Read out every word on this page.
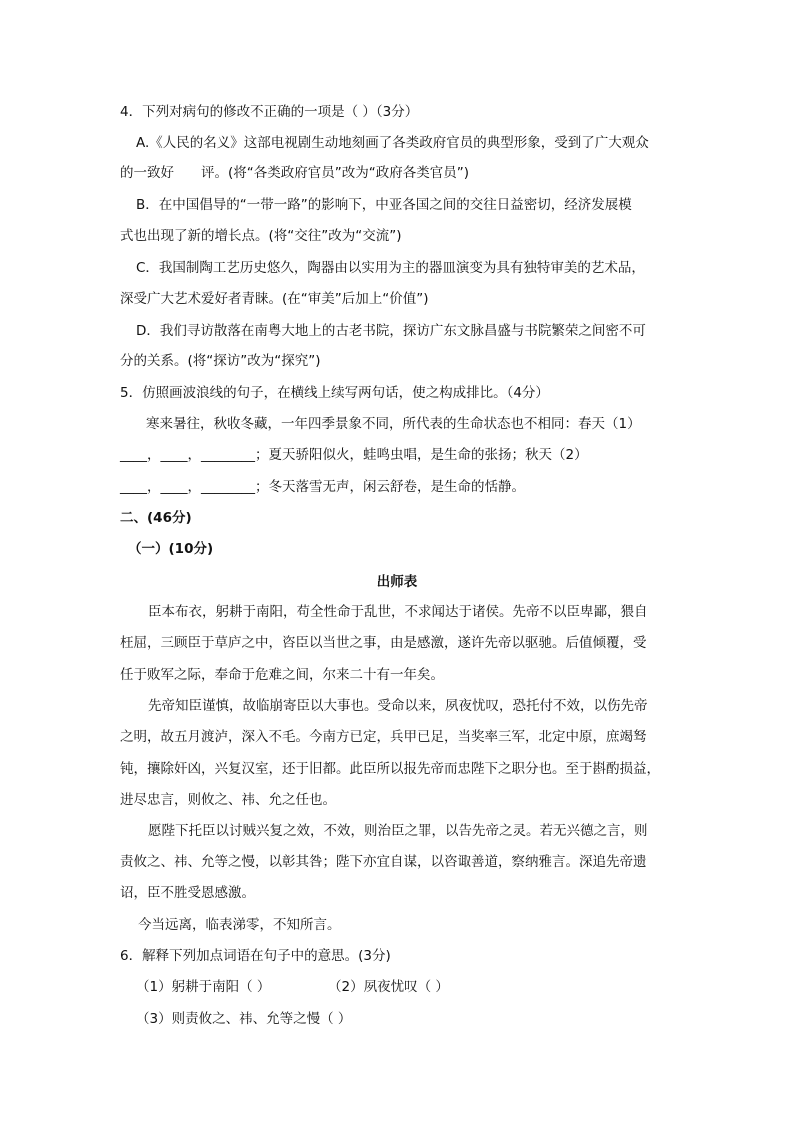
4．下列对病句的修改不正确的一项是（ ）（3分）
A.《人民的名义》这部电视剧生动地刻画了各类政府官员的典型形象，受到了广大观众
的一致好　　评。(将“各类政府官员”改为“政府各类官员”)
B．在中国倡导的“一带一路”的影响下，中亚各国之间的交往日益密切，经济发展模
式也出现了新的增长点。(将“交往”改为“交流”)
C．我国制陶工艺历史悠久，陶器由以实用为主的器皿演变为具有独特审美的艺术品，
深受广大艺术爱好者青睐。(在“审美”后加上“价值”)
D．我们寻访散落在南粤大地上的古老书院，探访广东文脉昌盛与书院繁荣之间密不可
分的关系。(将“探访”改为“探究”)
5．仿照画波浪线的句子，在横线上续写两句话，使之构成排比。（4分）
寒来暑往，秋收冬藏，一年四季景象不同，所代表的生命状态也不相同：春天（1）
____，____，________；夏天骄阳似火，蛙鸣虫唱，是生命的张扬；秋天（2）
____，____，________；冬天落雪无声，闲云舒卷，是生命的恬静。
二、(46分)
（一）(10分)
出师表
臣本布衣，躬耕于南阳，苟全性命于乱世，不求闻达于诸侯。先帝不以臣卑鄙，猥自
枉屈，三顾臣于草庐之中，咨臣以当世之事，由是感激，遂许先帝以驱驰。后值倾覆，受
任于败军之际，奉命于危难之间，尔来二十有一年矣。
先帝知臣谨慎，故临崩寄臣以大事也。受命以来，夙夜忧叹，恐托付不效，以伤先帝
之明，故五月渡泸，深入不毛。今南方已定，兵甲已足，当奖率三军，北定中原，庶竭驽
钝，攘除奸凶，兴复汉室，还于旧都。此臣所以报先帝而忠陛下之职分也。至于斟酌损益，
进尽忠言，则攸之、祎、允之任也。
愿陛下托臣以讨贼兴复之效，不效，则治臣之罪，以告先帝之灵。若无兴德之言，则
责攸之、祎、允等之慢，以彰其咎；陛下亦宜自谋，以咨诹善道，察纳雅言。深追先帝遗
诏，臣不胜受恩感激。
今当远离，临表涕零，不知所言。
6．解释下列加点词语在句子中的意思。(3分)
（1）躬耕于南阳（ ）	（2）夙夜忧叹（ ）
（3）则责攸之、祎、允等之慢（ ）
